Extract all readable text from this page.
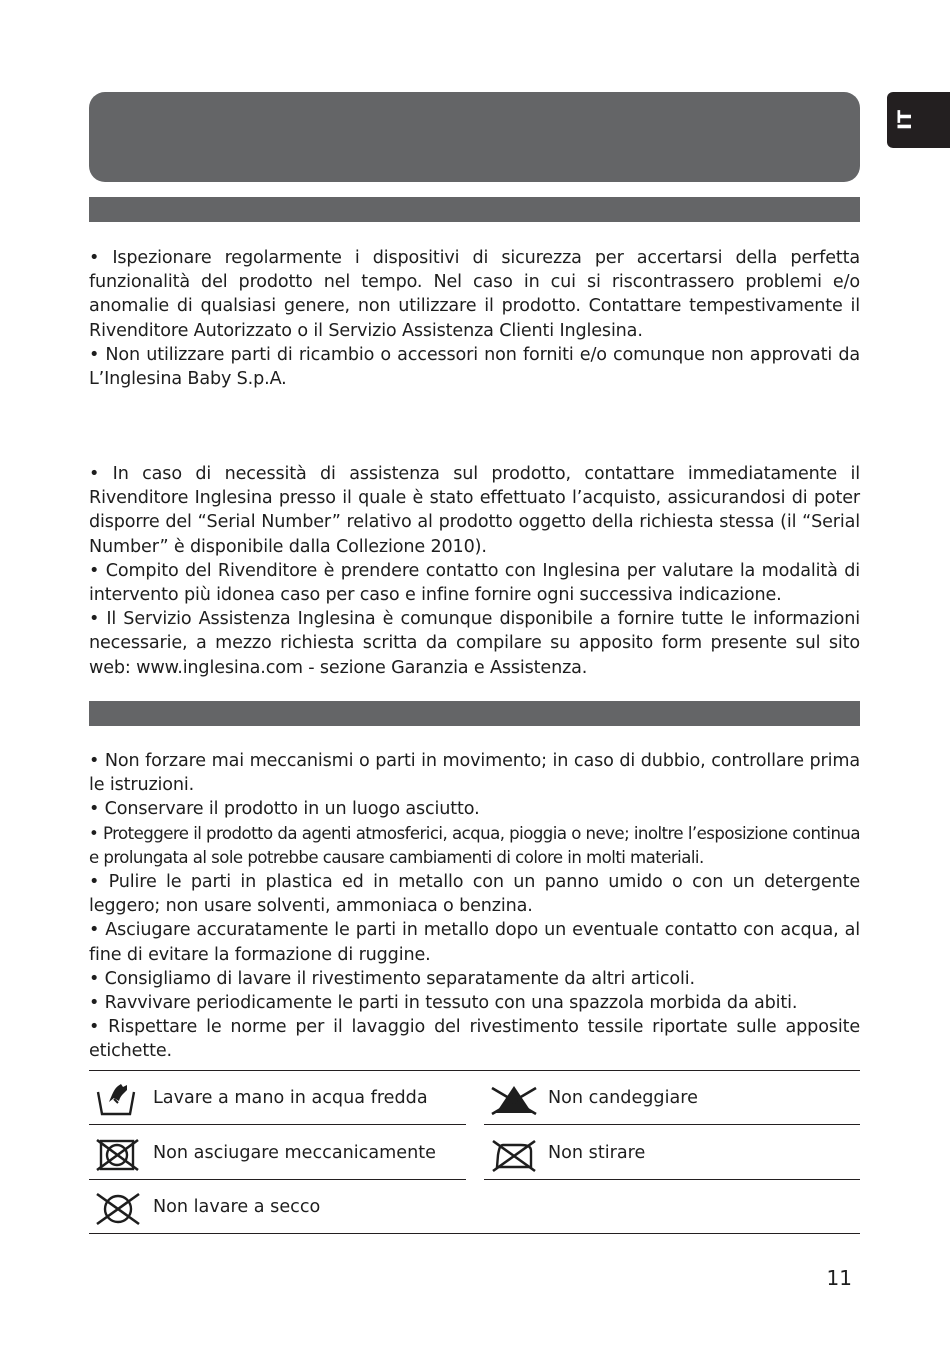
IT

• Ispezionare regolarmente i dispositivi di sicurezza per accertarsi della perfetta funzionalità del prodotto nel tempo. Nel caso in cui si riscontrassero problemi e/o anomalie di qualsiasi genere, non utilizzare il prodotto. Contattare tempestivamente il Rivenditore Autorizzato o il Servizio Assistenza Clienti Inglesina.

• Non utilizzare parti di ricambio o accessori non forniti e/o comunque non approvati da L’Inglesina Baby S.p.A.

• In caso di necessità di assistenza sul prodotto, contattare immediatamente il Rivenditore Inglesina presso il quale è stato effettuato l’acquisto, assicurandosi di poter disporre del “Serial Number” relativo al prodotto oggetto della richiesta stessa (il “Serial Number” è disponibile dalla Collezione 2010).

• Compito del Rivenditore è prendere contatto con Inglesina per valutare la modalità di intervento più idonea caso per caso e infine fornire ogni successiva indicazione.

• Il Servizio Assistenza Inglesina è comunque disponibile a fornire tutte le informazioni necessarie, a mezzo richiesta scritta da compilare su apposito form presente sul sito web: www.inglesina.com - sezione Garanzia e Assistenza.

• Non forzare mai meccanismi o parti in movimento; in caso di dubbio, controllare prima le istruzioni.

• Conservare il prodotto in un luogo asciutto.

• Proteggere il prodotto da agenti atmosferici, acqua, pioggia o neve; inoltre l’esposizione continua e prolungata al sole potrebbe causare cambiamenti di colore in molti materiali.

• Pulire le parti in plastica ed in metallo con un panno umido o con un detergente leggero; non usare solventi, ammoniaca o benzina.

• Asciugare accuratamente le parti in metallo dopo un eventuale contatto con acqua, al fine di evitare la formazione di ruggine.

• Consigliamo di lavare il rivestimento separatamente da altri articoli.

• Ravvivare periodicamente le parti in tessuto con una spazzola morbida da abiti.

• Rispettare le norme per il lavaggio del rivestimento tessile riportate sulle apposite etichette.

Lavare a mano in acqua fredda	Non candeggiare
Non asciugare meccanicamente	Non stirare
Non lavare a secco
11
